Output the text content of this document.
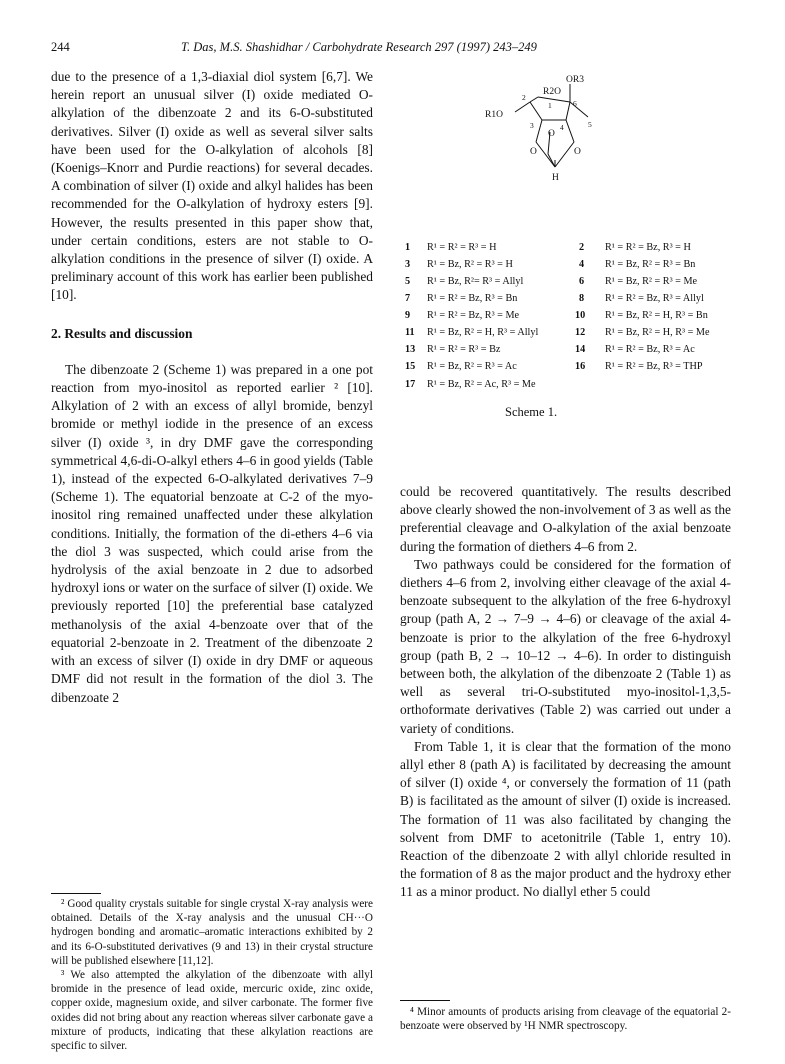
244	T. Das, M.S. Shashidhar / Carbohydrate Research 297 (1997) 243–249

due to the presence of a 1,3-diaxial diol system [6,7]. We herein report an unusual silver (I) oxide mediated O-alkylation of the dibenzoate 2 and its 6-O-substituted derivatives. Silver (I) oxide as well as several silver salts have been used for the O-alkylation of alcohols [8] (Koenigs–Knorr and Purdie reactions) for several decades. A combination of silver (I) oxide and alkyl halides has been recommended for the O-alkylation of hydroxy esters [9]. However, the results presented in this paper show that, under certain conditions, esters are not stable to O-alkylation conditions in the presence of silver (I) oxide. A preliminary account of this work has earlier been published [10].

2. Results and discussion

The dibenzoate 2 (Scheme 1) was prepared in a one pot reaction from myo-inositol as reported earlier ² [10]. Alkylation of 2 with an excess of allyl bromide, benzyl bromide or methyl iodide in the presence of an excess silver (I) oxide ³, in dry DMF gave the corresponding symmetrical 4,6-di-O-alkyl ethers 4–6 in good yields (Table 1), instead of the expected 6-O-alkylated derivatives 7–9 (Scheme 1). The equatorial benzoate at C-2 of the myo-inositol ring remained unaffected under these alkylation conditions. Initially, the formation of the di-ethers 4–6 via the diol 3 was suspected, which could arise from the hydrolysis of the axial benzoate in 2 due to adsorbed hydroxyl ions or water on the surface of silver (I) oxide. We previously reported [10] the preferential base catalyzed methanolysis of the axial 4-benzoate over that of the equatorial 2-benzoate in 2. Treatment of the dibenzoate 2 with an excess of silver (I) oxide in dry DMF or aqueous DMF did not result in the formation of the diol 3. The dibenzoate 2

² Good quality crystals suitable for single crystal X-ray analysis were obtained. Details of the X-ray analysis and the unusual CH···O hydrogen bonding and aromatic–aromatic interactions exhibited by 2 and its 6-O-substituted derivatives (9 and 13) in their crystal structure will be published elsewhere [11,12].

³ We also attempted the alkylation of the dibenzoate with allyl bromide in the presence of lead oxide, mercuric oxide, zinc oxide, copper oxide, magnesium oxide, and silver carbonate. The former five oxides did not bring about any reaction whereas silver carbonate gave a mixture of products, indicating that these alkylation reactions are specific to silver.

OR3
R2O
R1O
O
O	O
H
1
2
3	4	5
6
1 R¹ = R² = R³ = H	2 R¹ = R² = Bz, R³ = H
3 R¹ = Bz, R² = R³ = H	4 R¹ = Bz, R² = R³ = Bn
5 R¹ = Bz, R²= R³ = Allyl	6 R¹ = Bz, R² = R³ = Me
7 R¹ = R² = Bz, R³ = Bn	8 R¹ = R² = Bz, R³ = Allyl
9 R¹ = R² = Bz, R³ = Me	10 R¹ = Bz, R² = H, R³ = Bn
11 R¹ = Bz, R² = H, R³ = Allyl	12 R¹ = Bz, R² = H, R³ = Me
13 R¹ = R² = R³ = Bz	14 R¹ = R² = Bz, R³ = Ac
15 R¹ = Bz, R² = R³ = Ac	16 R¹ = R² = Bz, R³ = THP
17 R¹ = Bz, R² = Ac, R³ = Me
Scheme 1.

could be recovered quantitatively. The results described above clearly showed the non-involvement of 3 as well as the preferential cleavage and O-alkylation of the axial benzoate during the formation of diethers 4–6 from 2.

Two pathways could be considered for the formation of diethers 4–6 from 2, involving either cleavage of the axial 4-benzoate subsequent to the alkylation of the free 6-hydroxyl group (path A, 2 → 7–9 → 4–6) or cleavage of the axial 4-benzoate is prior to the alkylation of the free 6-hydroxyl group (path B, 2 → 10–12 → 4–6). In order to distinguish between both, the alkylation of the dibenzoate 2 (Table 1) as well as several tri-O-substituted myo-inositol-1,3,5-orthoformate derivatives (Table 2) was carried out under a variety of conditions.

From Table 1, it is clear that the formation of the mono allyl ether 8 (path A) is facilitated by decreasing the amount of silver (I) oxide ⁴, or conversely the formation of 11 (path B) is facilitated as the amount of silver (I) oxide is increased. The formation of 11 was also facilitated by changing the solvent from DMF to acetonitrile (Table 1, entry 10). Reaction of the dibenzoate 2 with allyl chloride resulted in the formation of 8 as the major product and the hydroxy ether 11 as a minor product. No diallyl ether 5 could

⁴ Minor amounts of products arising from cleavage of the equatorial 2-benzoate were observed by ¹H NMR spectroscopy.
